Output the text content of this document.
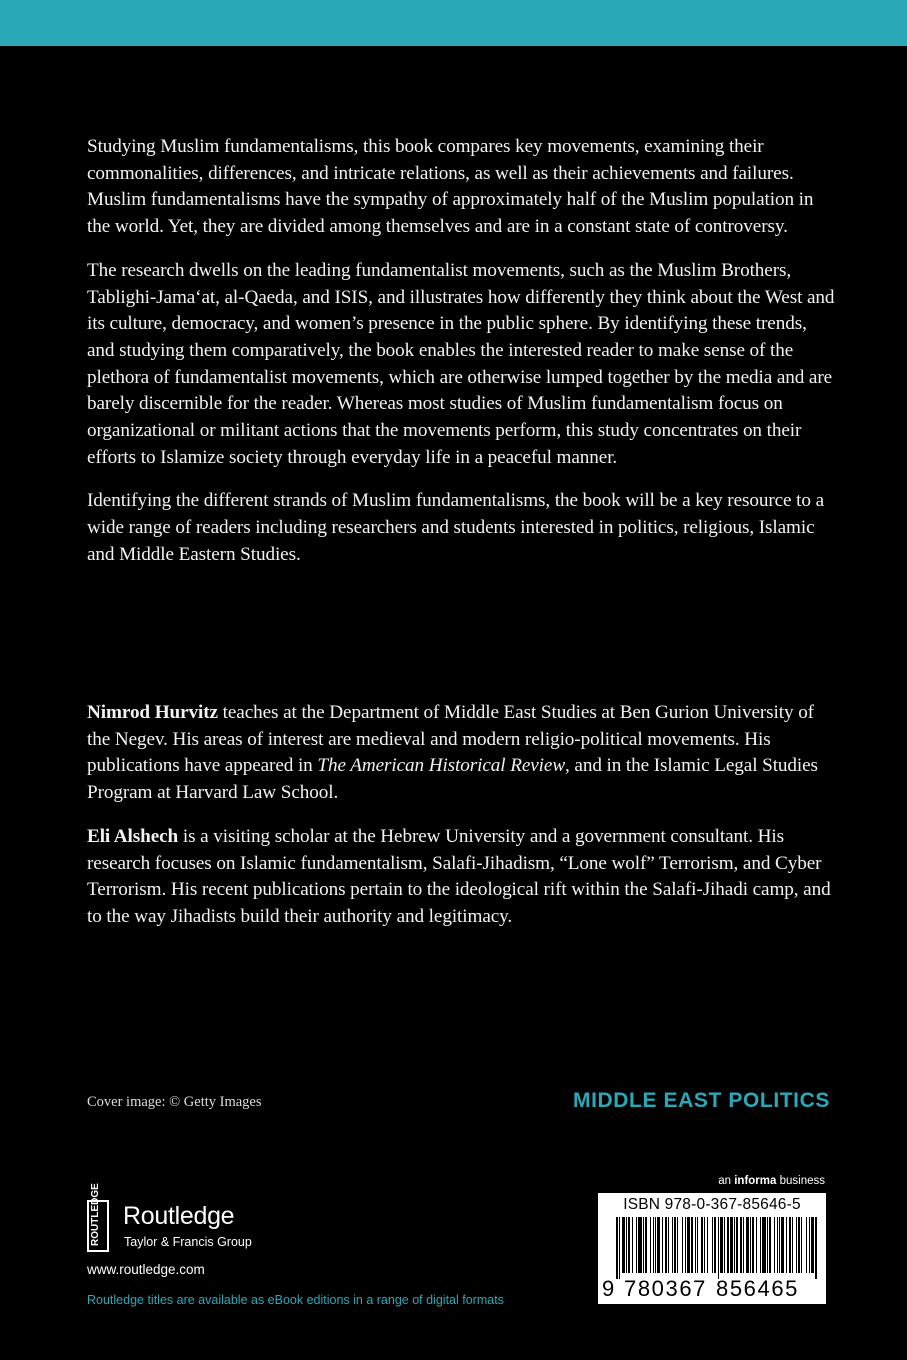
Studying Muslim fundamentalisms, this book compares key movements, examining their commonalities, differences, and intricate relations, as well as their achievements and failures. Muslim fundamentalisms have the sympathy of approximately half of the Muslim population in the world. Yet, they are divided among themselves and are in a constant state of controversy.

The research dwells on the leading fundamentalist movements, such as the Muslim Brothers, Tablighi-Jama‘at, al-Qaeda, and ISIS, and illustrates how differently they think about the West and its culture, democracy, and women’s presence in the public sphere. By identifying these trends, and studying them comparatively, the book enables the interested reader to make sense of the plethora of fundamentalist movements, which are otherwise lumped together by the media and are barely discernible for the reader. Whereas most studies of Muslim fundamentalism focus on organizational or militant actions that the movements perform, this study concentrates on their efforts to Islamize society through everyday life in a peaceful manner.

Identifying the different strands of Muslim fundamentalisms, the book will be a key resource to a wide range of readers including researchers and students interested in politics, religious, Islamic and Middle Eastern Studies.

Nimrod Hurvitz teaches at the Department of Middle East Studies at Ben Gurion University of the Negev. His areas of interest are medieval and modern religio-political movements. His publications have appeared in The American Historical Review, and in the Islamic Legal Studies Program at Harvard Law School.

Eli Alshech is a visiting scholar at the Hebrew University and a government consultant. His research focuses on Islamic fundamentalism, Salafi-Jihadism, “Lone wolf” Terrorism, and Cyber Terrorism. His recent publications pertain to the ideological rift within the Salafi-Jihadi camp, and to the way Jihadists build their authority and legitimacy.

Cover image: © Getty Images	MIDDLE EAST POLITICS
an informa business
ROUTLEDGE Routledge
Taylor & Francis Group
www.routledge.com
Routledge titles are available as eBook editions in a range of digital formats
ISBN 978-0-367-85646-5
9 780367 856465
